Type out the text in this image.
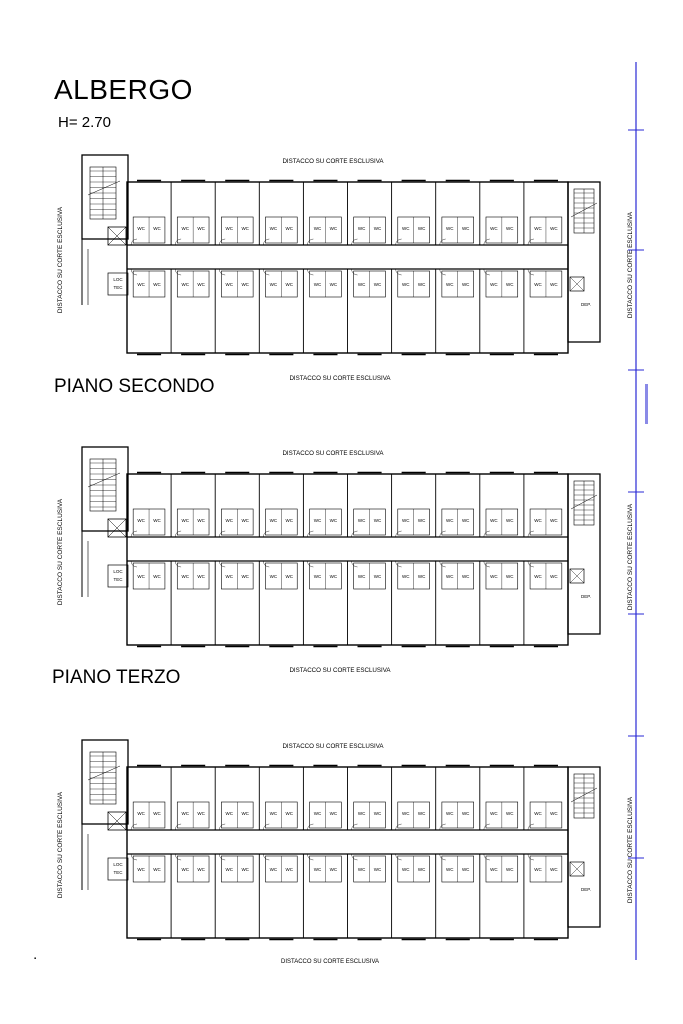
DISTACCO SU CORTE ESCLUSIVA
DEP.
LOC
TEC
WC WC
WC WC
WC WC
WC WC
WC WC
WC WC
WC WC
WC WC
WC WC
WC WC
WC WC
WC WC
WC WC
WC WC
WC WC
WC WC
WC WC
WC WC
WC WC
WC WC
DISTACCO SU CORTE ESCLUSIVA	DISTACCO SU CORTE ESCLUSIVA
DISTACCO SU CORTE ESCLUSIVA
DISTACCO SU CORTE ESCLUSIVA
DEP.
LOC
TEC
WC WC
WC WC
WC WC
WC WC
WC WC
WC WC
WC WC
WC WC
WC WC
WC WC
WC WC
WC WC
WC WC
WC WC
WC WC
WC WC
WC WC
WC WC
WC WC
WC WC
DISTACCO SU CORTE ESCLUSIVA	DISTACCO SU CORTE ESCLUSIVA
DISTACCO SU CORTE ESCLUSIVA
DISTACCO SU CORTE ESCLUSIVA
DEP.
LOC
TEC
WC WC
WC WC
WC WC
WC WC
WC WC
WC WC
WC WC
WC WC
WC WC
WC WC
WC WC
WC WC
WC WC
WC WC
WC WC
WC WC
WC WC
WC WC
WC WC
WC WC
DISTACCO SU CORTE ESCLUSIVA	DISTACCO SU CORTE ESCLUSIVA
DISTACCO SU CORTE ESCLUSIVA
▪
ALBERGO
H= 2.70
PIANO SECONDO
PIANO TERZO
